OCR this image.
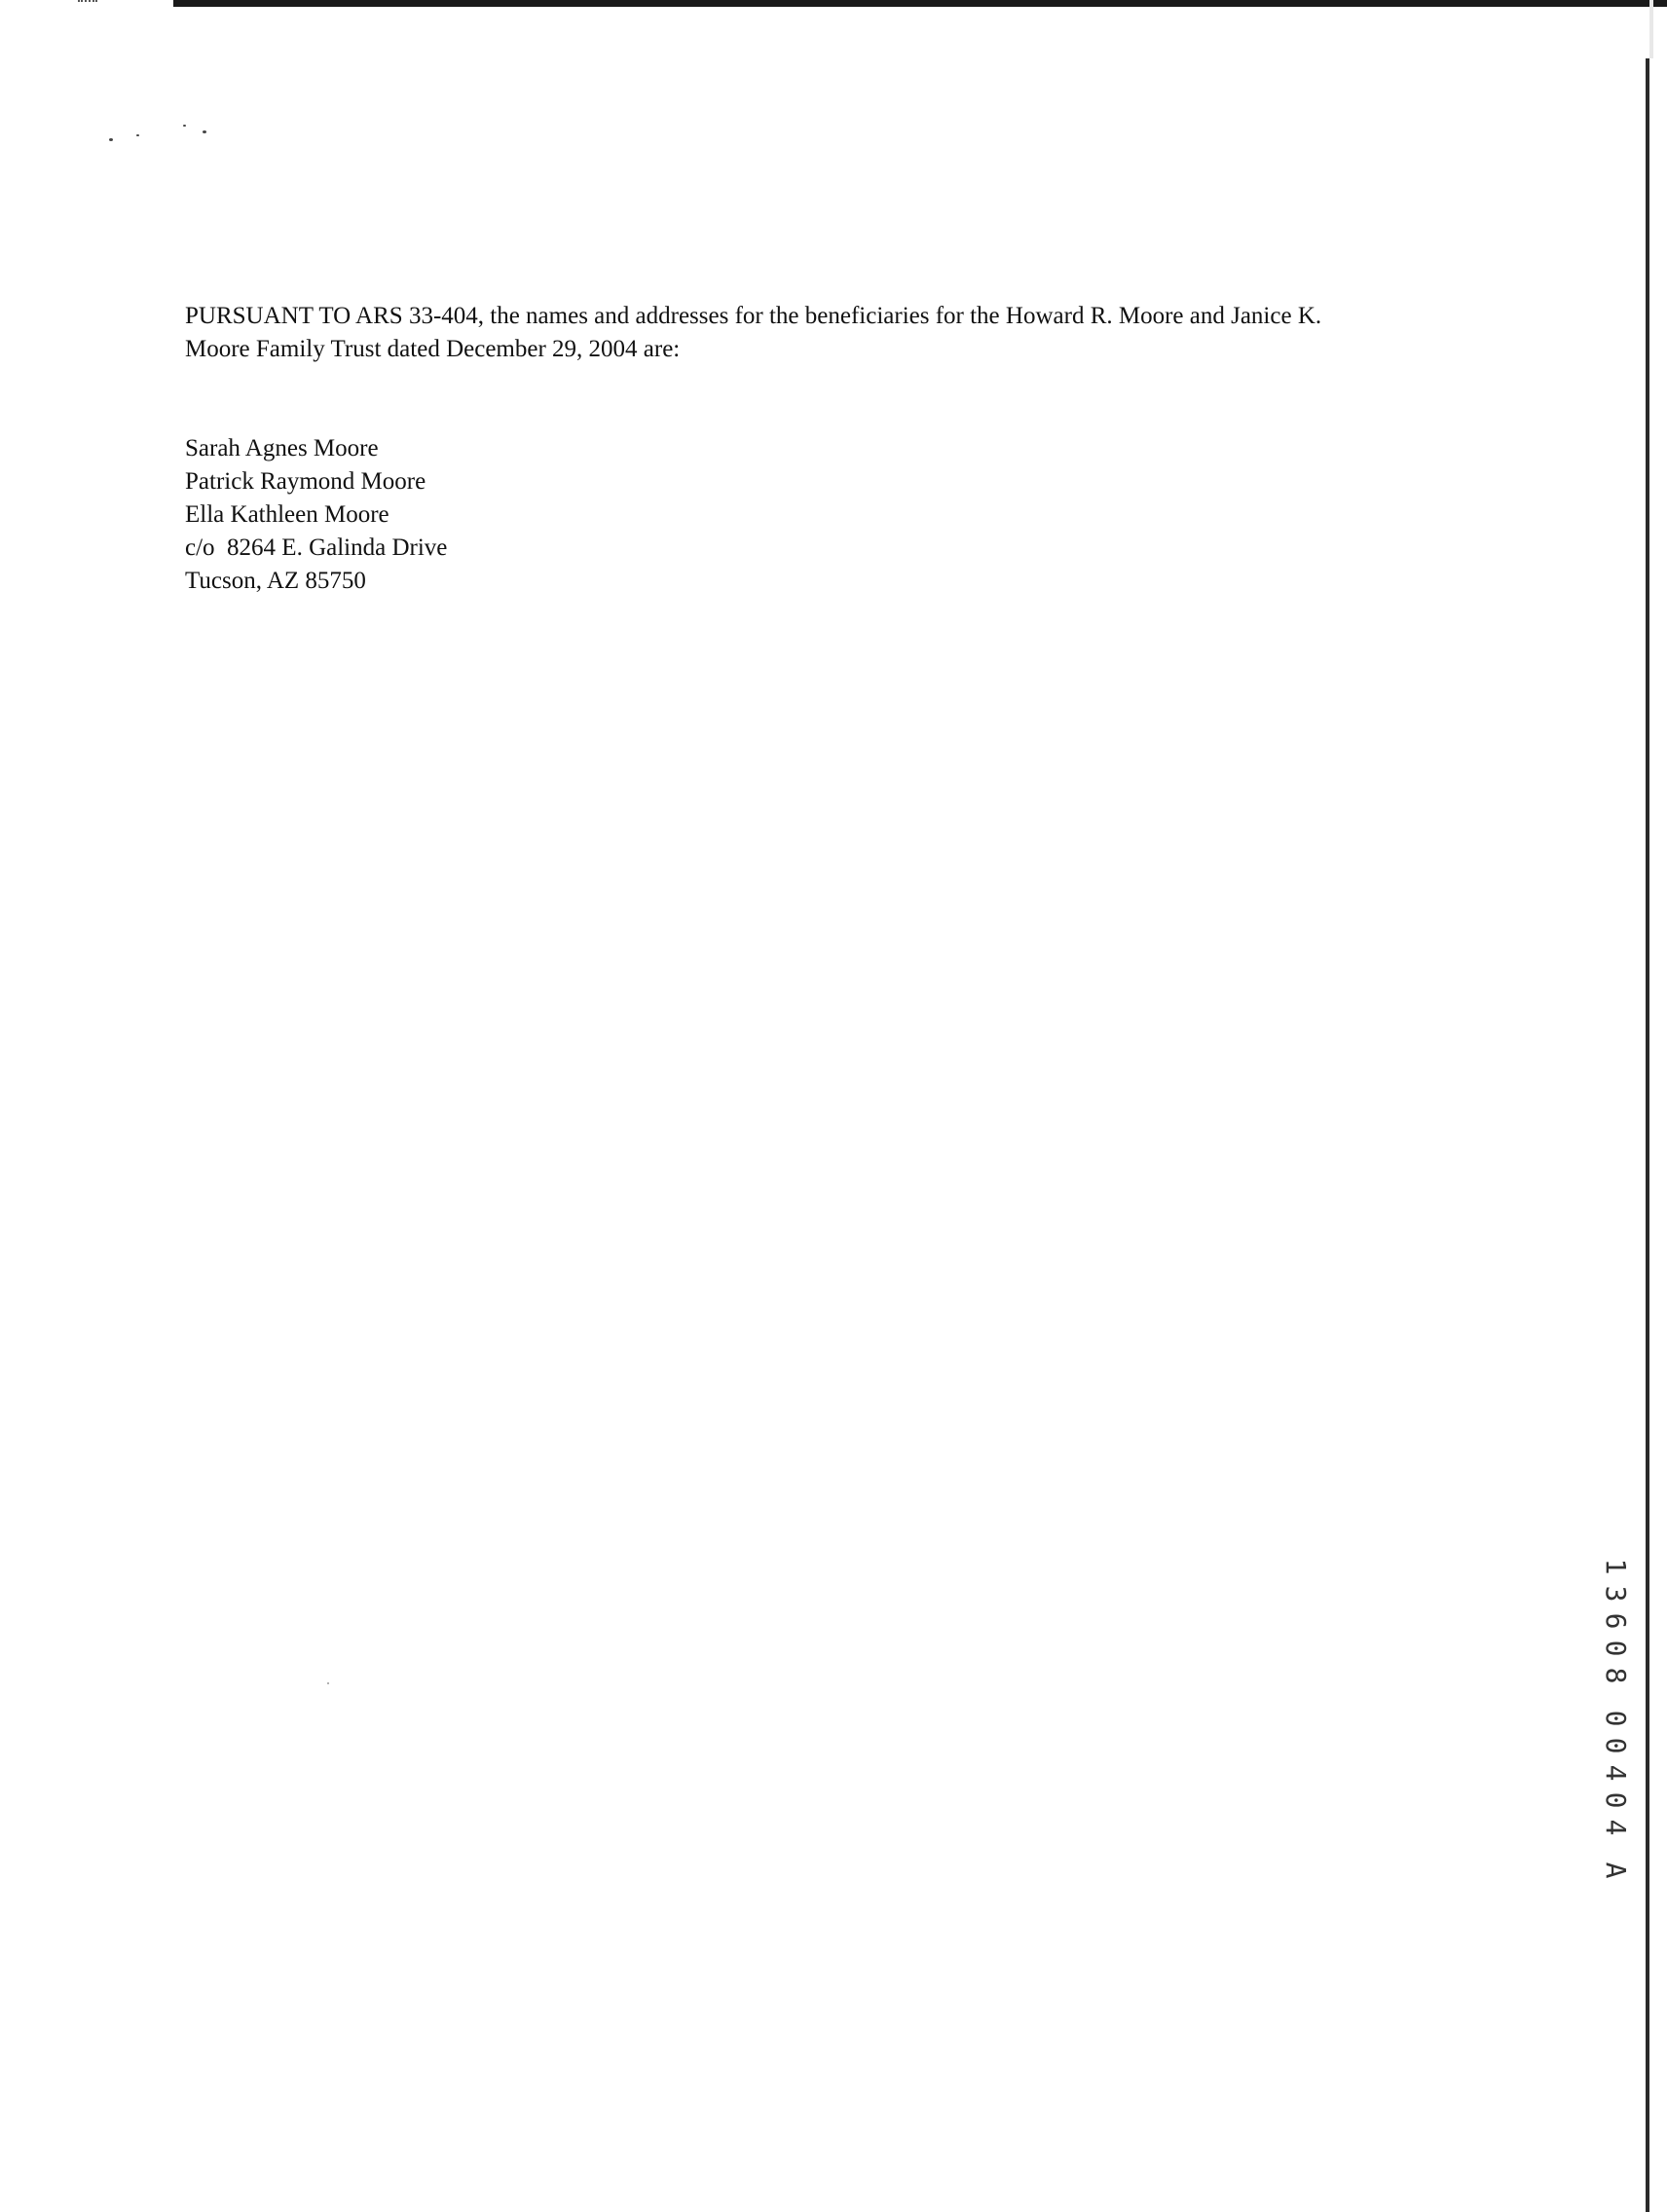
PURSUANT TO ARS 33-404, the names and addresses for the beneficiaries for the Howard R. Moore and Janice K.
Moore Family Trust dated December 29, 2004 are:
Sarah Agnes Moore
Patrick Raymond Moore
Ella Kathleen Moore
c/o  8264 E. Galinda Drive
Tucson, AZ 85750
1
3
6
0
8
0
0
4
0
4
A
